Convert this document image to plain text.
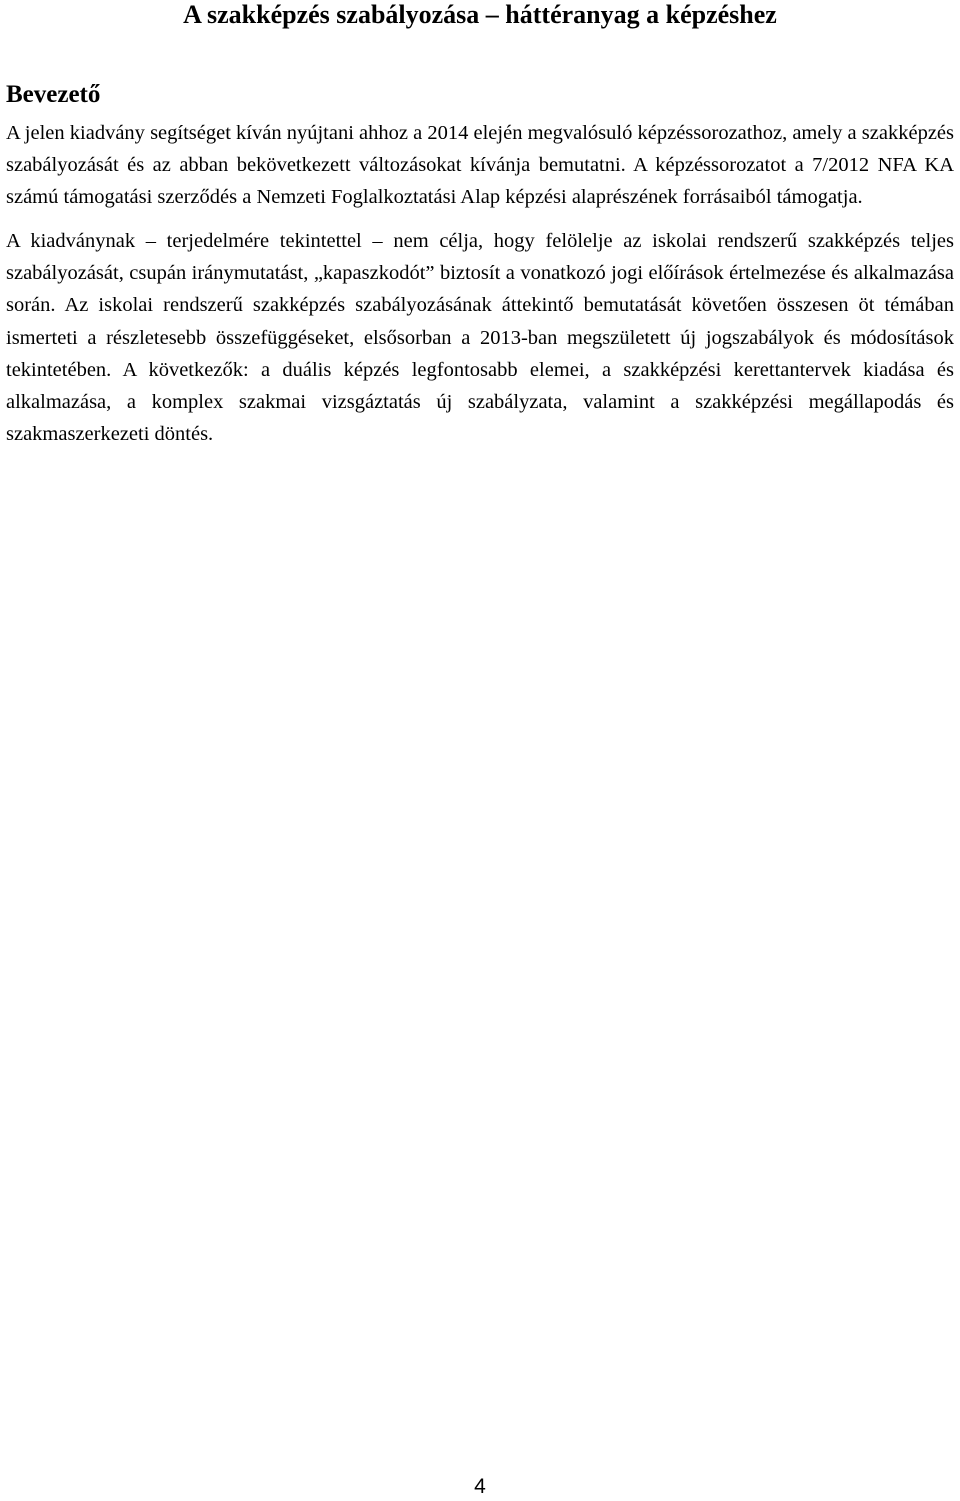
A szakképzés szabályozása – háttéranyag a képzéshez
Bevezető

A jelen kiadvány segítséget kíván nyújtani ahhoz a 2014 elején megvalósuló képzéssorozathoz, amely a szakképzés szabályozását és az abban bekövetkezett változásokat kívánja bemutatni. A képzéssorozatot a 7/2012 NFA KA számú támogatási szerződés a Nemzeti Foglalkoztatási Alap képzési alaprészének forrásaiból támogatja.

A kiadványnak – terjedelmére tekintettel – nem célja, hogy felölelje az iskolai rendszerű szakképzés teljes szabályozását, csupán iránymutatást, „kapaszkodót” biztosít a vonatkozó jogi előírások értelmezése és alkalmazása során. Az iskolai rendszerű szakképzés szabályozásának áttekintő bemutatását követően összesen öt témában ismerteti a részletesebb összefüggéseket, elsősorban a 2013-ban megszületett új jogszabályok és módosítások tekintetében. A következők: a duális képzés legfontosabb elemei, a szakképzési kerettantervek kiadása és alkalmazása, a komplex szakmai vizsgáztatás új szabályzata, valamint a szakképzési megállapodás és szakmaszerkezeti döntés.

4
